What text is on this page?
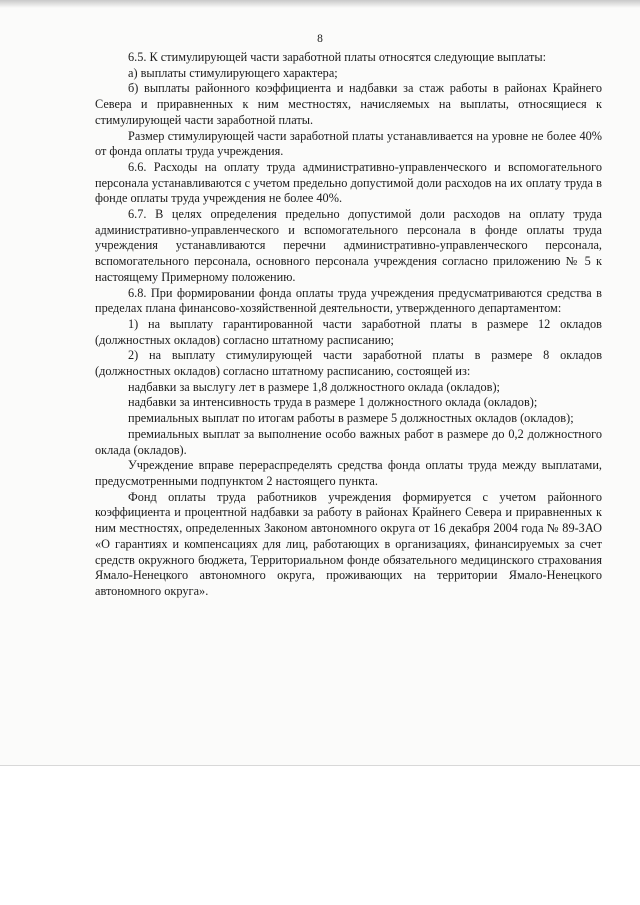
8

6.5. К стимулирующей части заработной платы относятся следующие выплаты:

а) выплаты стимулирующего характера;

б) выплаты районного коэффициента и надбавки за стаж работы в районах Крайнего Севера и приравненных к ним местностях, начисляемых на выплаты, относящиеся к стимулирующей части заработной платы.

Размер стимулирующей части заработной платы устанавливается на уровне не более 40% от фонда оплаты труда учреждения.

6.6. Расходы на оплату труда административно-управленческого и вспомогательного персонала устанавливаются с учетом предельно допустимой доли расходов на их оплату труда в фонде оплаты труда учреждения не более 40%.

6.7. В целях определения предельно допустимой доли расходов на оплату труда административно-управленческого и вспомогательного персонала в фонде оплаты труда учреждения устанавливаются перечни административно-управленческого персонала, вспомогательного персонала, основного персонала учреждения согласно приложению № 5 к настоящему Примерному положению.

6.8. При формировании фонда оплаты труда учреждения предусматриваются средства в пределах плана финансово-хозяйственной деятельности, утвержденного департаментом:

1) на выплату гарантированной части заработной платы в размере 12 окладов (должностных окладов) согласно штатному расписанию;

2) на выплату стимулирующей части заработной платы в размере 8 окладов (должностных окладов) согласно штатному расписанию, состоящей из:

надбавки за выслугу лет в размере 1,8 должностного оклада (окладов);

надбавки за интенсивность труда в размере 1 должностного оклада (окладов);

премиальных выплат по итогам работы в размере 5 должностных окладов (окладов);

премиальных выплат за выполнение особо важных работ в размере до 0,2 должностного оклада (окладов).

Учреждение вправе перераспределять средства фонда оплаты труда между выплатами, предусмотренными подпунктом 2 настоящего пункта.

Фонд оплаты труда работников учреждения формируется с учетом районного коэффициента и процентной надбавки за работу в районах Крайнего Севера и приравненных к ним местностях, определенных Законом автономного округа от 16 декабря 2004 года № 89-ЗАО «О гарантиях и компенсациях для лиц, работающих в организациях, финансируемых за счет средств окружного бюджета, Территориальном фонде обязательного медицинского страхования Ямало-Ненецкого автономного округа, проживающих на территории Ямало-Ненецкого автономного округа».
